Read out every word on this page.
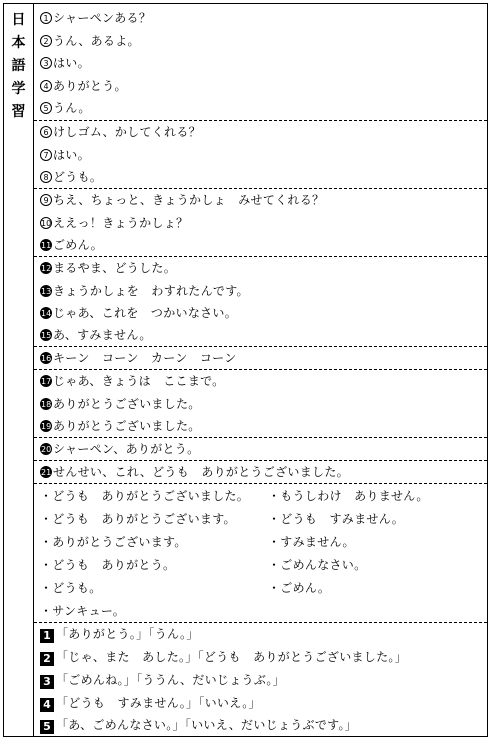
日
本
語
学
習
1 シャーペンある？
2 うん、あるよ。
3 はい。
4 ありがとう。
5 うん。
6 けしゴム、かしてくれる？
7 はい。
8 どうも。
9 ちえ、ちょっと、きょうかしょ　みせてくれる？
10 ええっ！きょうかしょ？
11 ごめん。
12 まるやま、どうした。
13 きょうかしょを　わすれたんです。
14 じゃあ、これを　つかいなさい。
15 あ、すみません。
16 キーン　コーン　カーン　コーン
17 じゃあ、きょうは　ここまで。
18 ありがとうございました。
19 ありがとうございました。
20 シャーペン、ありがとう。
21 せんせい、これ、どうも　ありがとうございました。
・どうも　ありがとうございました。
・どうも　ありがとうございます。
・ありがとうございます。
・どうも　ありがとう。
・どうも。
・サンキュー。
・もうしわけ　ありません。
・どうも　すみません。
・すみません。
・ごめんなさい。
・ごめん。
1 「ありがとう。」「うん。」
2 「じゃ、また　あした。」「どうも　ありがとうございました。」
3 「ごめんね。」「ううん、だいじょうぶ。」
4 「どうも　すみません。」「いいえ。」
5 「あ、ごめんなさい。」「いいえ、だいじょうぶです。」
